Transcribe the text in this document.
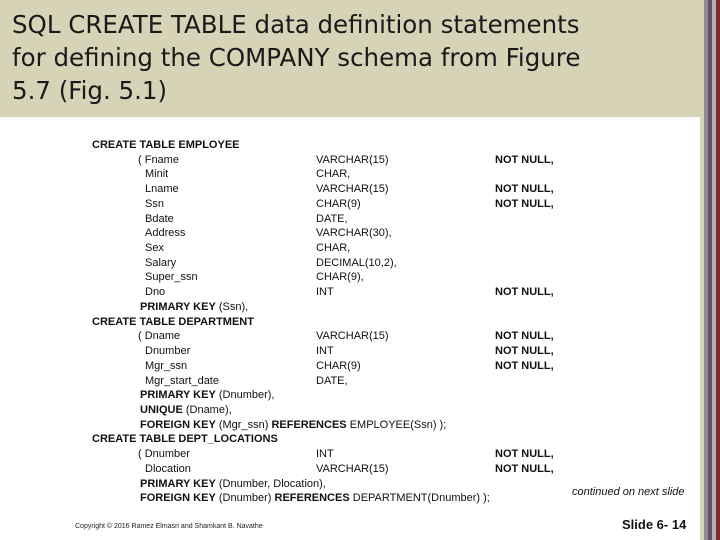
SQL CREATE TABLE data definition statements
for defining the COMPANY schema from Figure
5.7 (Fig. 5.1)
CREATE TABLE EMPLOYEE
( Fname	VARCHAR(15)	NOT NULL,
Minit	CHAR,
Lname	VARCHAR(15)	NOT NULL,
Ssn	CHAR(9)	NOT NULL,
Bdate	DATE,
Address	VARCHAR(30),
Sex	CHAR,
Salary	DECIMAL(10,2),
Super_ssn	CHAR(9),
Dno	INT	NOT NULL,
PRIMARY KEY (Ssn),
CREATE TABLE DEPARTMENT
( Dname	VARCHAR(15)	NOT NULL,
Dnumber	INT	NOT NULL,
Mgr_ssn	CHAR(9)	NOT NULL,
Mgr_start_date	DATE,
PRIMARY KEY (Dnumber),
UNIQUE (Dname),
FOREIGN KEY (Mgr_ssn) REFERENCES EMPLOYEE(Ssn) );
CREATE TABLE DEPT_LOCATIONS
( Dnumber	INT	NOT NULL,
Dlocation	VARCHAR(15)	NOT NULL,
PRIMARY KEY (Dnumber, Dlocation),
FOREIGN KEY (Dnumber) REFERENCES DEPARTMENT(Dnumber) );
continued on next slide
Copyright © 2016 Ramez Elmasri and Shamkant B. Navathe	Slide 6- 14
